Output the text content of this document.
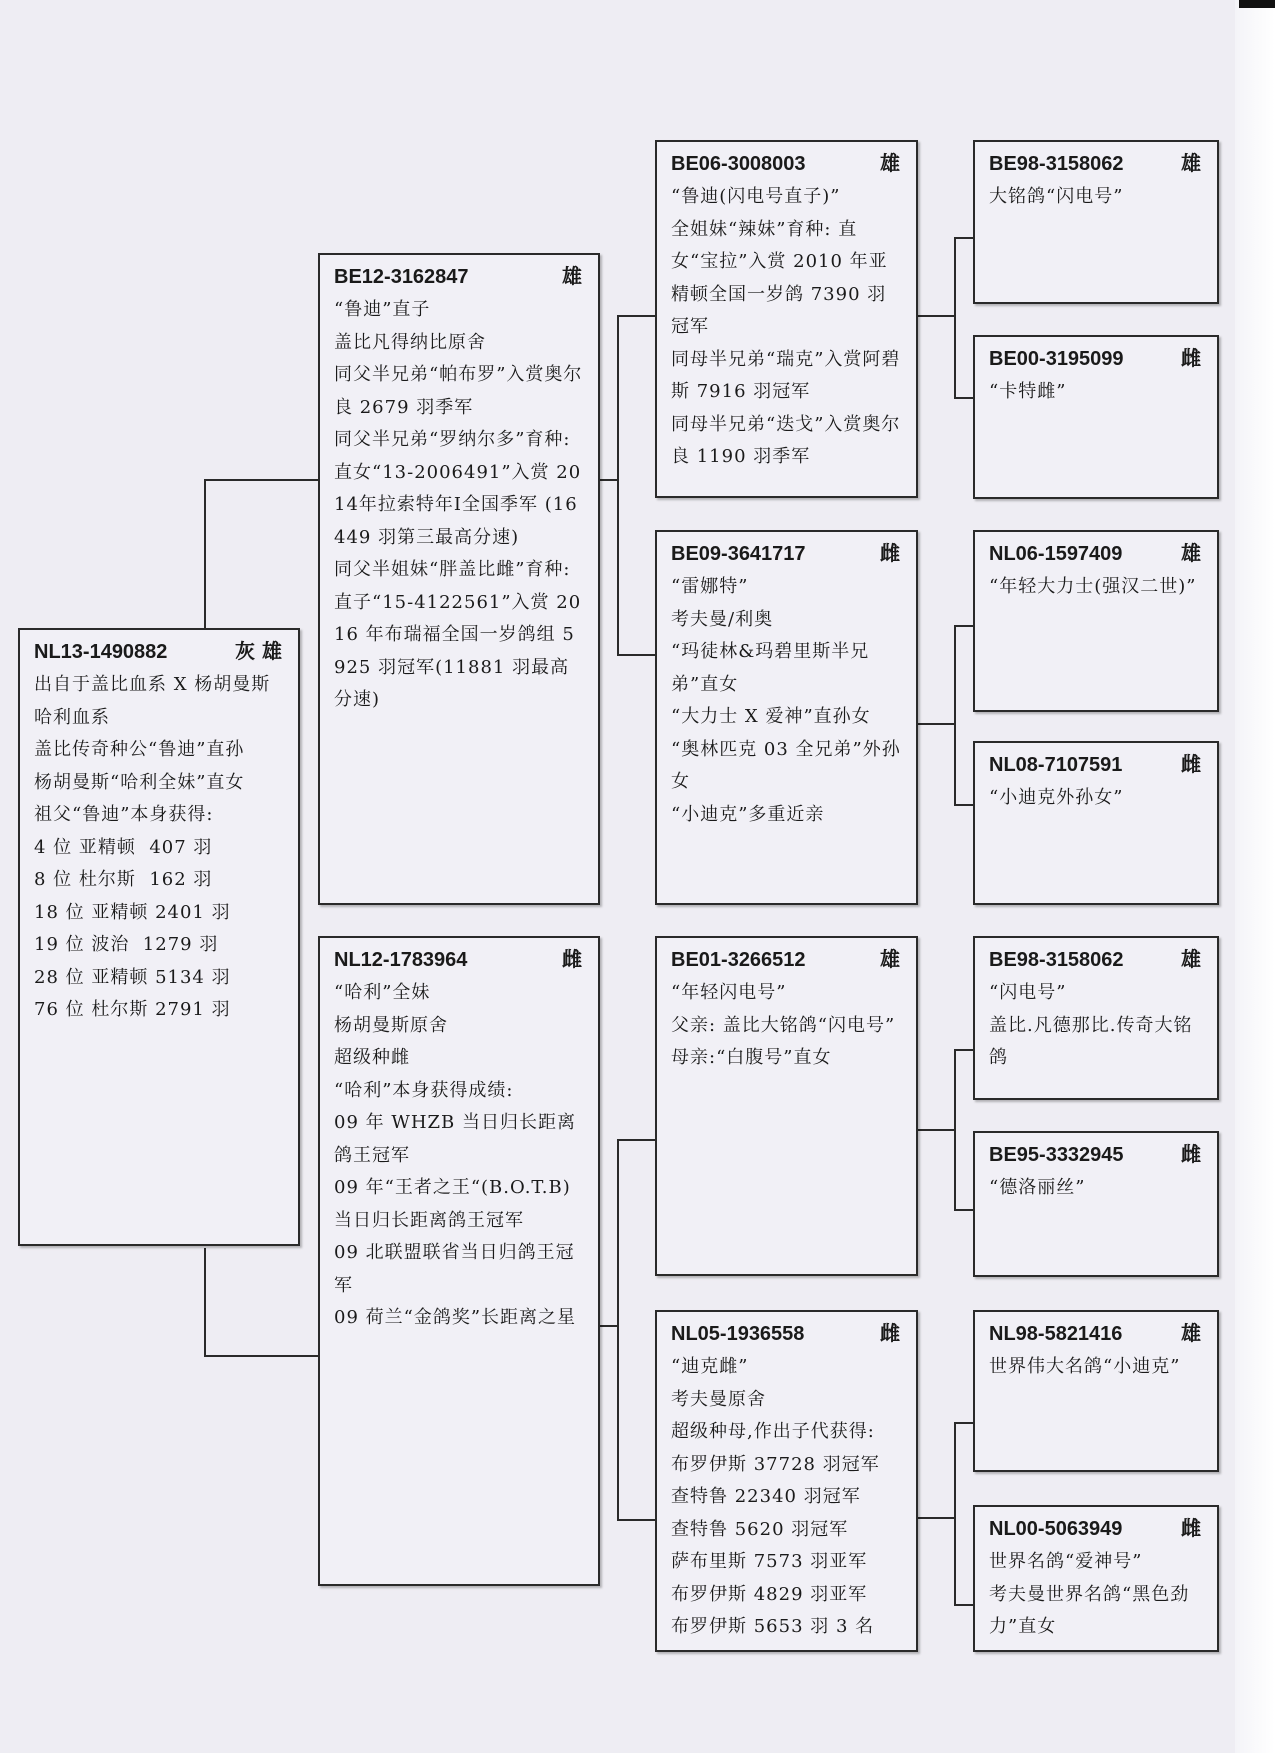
NL13-1490882	灰 雄
出自于盖比血系 X 杨胡曼斯
哈利血系
盖比传奇种公“鲁迪”直孙
杨胡曼斯“哈利全妹”直女
祖父“鲁迪”本身获得:
4 位 亚精顿  407 羽
8 位 杜尔斯  162 羽
18 位 亚精顿 2401 羽
19 位 波治  1279 羽
28 位 亚精顿 5134 羽
76 位 杜尔斯 2791 羽
BE12-3162847	雄
“鲁迪”直子
盖比凡得纳比原舍
同父半兄弟“帕布罗”入赏奥尔良 2679 羽季军
同父半兄弟“罗纳尔多”育种: 直女“13-2006491”入赏 2014年拉索特年I全国季军 (16449 羽第三最高分速)
同父半姐妹“胖盖比雌”育种: 直子“15-4122561”入赏 2016 年布瑞福全国一岁鸽组 5925 羽冠军(11881 羽最高分速)
NL12-1783964	雌
“哈利”全妹
杨胡曼斯原舍
超级种雌
“哈利”本身获得成绩:
09 年 WHZB 当日归长距离鸽王冠军
09 年“王者之王“(B.O.T.B)当日归长距离鸽王冠军
09 北联盟联省当日归鸽王冠军
09 荷兰“金鸽奖”长距离之星
BE06-3008003	雄
“鲁迪(闪电号直子)”
全姐妹“辣妹”育种: 直女“宝拉”入赏 2010 年亚精顿全国一岁鸽 7390 羽冠军
同母半兄弟“瑞克”入赏阿碧斯 7916 羽冠军
同母半兄弟“迭戈”入赏奥尔良 1190 羽季军
BE09-3641717	雌
“雷娜特”
考夫曼/利奥
“玛徒林&玛碧里斯半兄弟”直女
“大力士 X 爱神”直孙女
“奥林匹克 03 全兄弟”外孙女
“小迪克”多重近亲
BE01-3266512	雄
“年轻闪电号”
父亲: 盖比大铭鸽“闪电号”
母亲:“白腹号”直女
NL05-1936558	雌
“迪克雌”
考夫曼原舍
超级种母,作出子代获得:
布罗伊斯 37728 羽冠军
查特鲁 22340 羽冠军
查特鲁 5620 羽冠军
萨布里斯 7573 羽亚军
布罗伊斯 4829 羽亚军
布罗伊斯 5653 羽 3 名
BE98-3158062	雄
大铭鸽“闪电号”
BE00-3195099	雌
“卡特雌”
NL06-1597409	雄
“年轻大力士(强汉二世)”
NL08-7107591	雌
“小迪克外孙女”
BE98-3158062	雄
“闪电号”
盖比.凡德那比.传奇大铭鸽
BE95-3332945	雌
“德洛丽丝”
NL98-5821416	雄
世界伟大名鸽“小迪克”
NL00-5063949	雌
世界名鸽“爱神号”
考夫曼世界名鸽“黑色劲力”直女
